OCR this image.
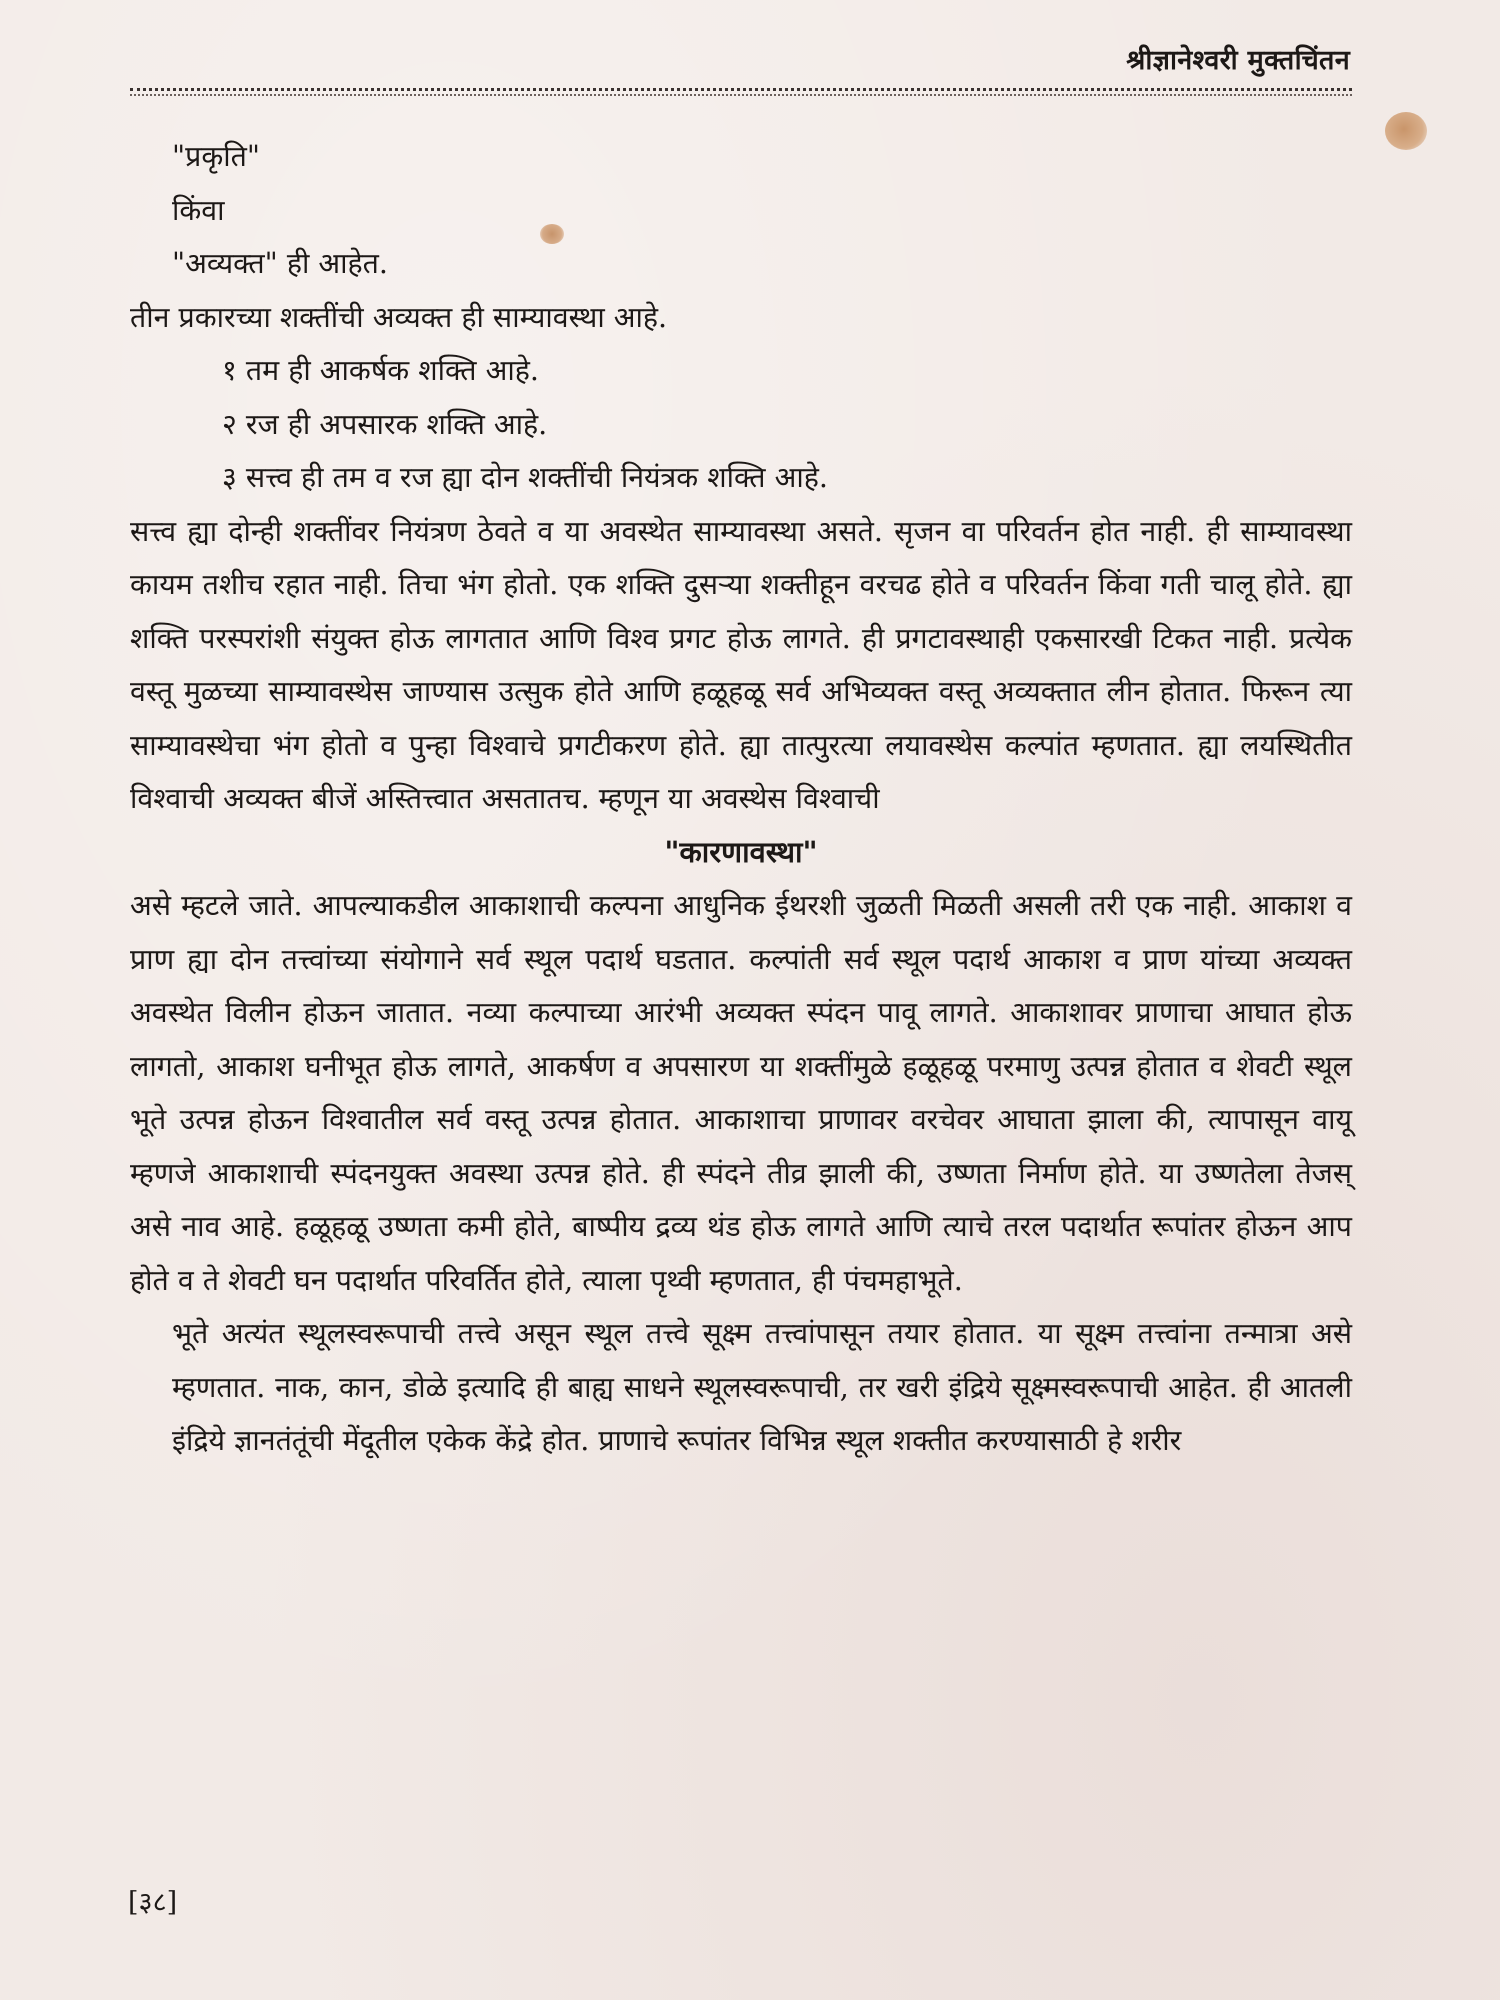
श्रीज्ञानेश्वरी मुक्तचिंतन

"प्रकृति"

किंवा

"अव्यक्त" ही आहेत.

तीन प्रकारच्या शक्तींची अव्यक्त ही साम्यावस्था आहे.

१ तम ही आकर्षक शक्ति आहे.

२ रज ही अपसारक शक्ति आहे.

३ सत्त्व ही तम व रज ह्या दोन शक्तींची नियंत्रक शक्ति आहे.

सत्त्व ह्या दोन्ही शक्तींवर नियंत्रण ठेवते व या अवस्थेत साम्यावस्था असते. सृजन वा परिवर्तन होत नाही. ही साम्यावस्था कायम तशीच रहात नाही. तिचा भंग होतो. एक शक्ति दुसऱ्या शक्तीहून वरचढ होते व परिवर्तन किंवा गती चालू होते. ह्या शक्ति परस्परांशी संयुक्त होऊ लागतात आणि विश्व प्रगट होऊ लागते. ही प्रगटावस्थाही एकसारखी टिकत नाही. प्रत्येक वस्तू मुळच्या साम्यावस्थेस जाण्यास उत्सुक होते आणि हळूहळू सर्व अभिव्यक्त वस्तू अव्यक्तात लीन होतात. फिरून त्या साम्यावस्थेचा भंग होतो व पुन्हा विश्वाचे प्रगटीकरण होते. ह्या तात्पुरत्या लयावस्थेस कल्पांत म्हणतात. ह्या लयस्थितीत विश्वाची अव्यक्त बीजें अस्तित्त्वात असतातच. म्हणून या अवस्थेस विश्वाची

"कारणावस्था"

असे म्हटले जाते. आपल्याकडील आकाशाची कल्पना आधुनिक ईथरशी जुळती मिळती असली तरी एक नाही. आकाश व प्राण ह्या दोन तत्त्वांच्या संयोगाने सर्व स्थूल पदार्थ घडतात. कल्पांती सर्व स्थूल पदार्थ आकाश व प्राण यांच्या अव्यक्त अवस्थेत विलीन होऊन जातात. नव्या कल्पाच्या आरंभी अव्यक्त स्पंदन पावू लागते. आकाशावर प्राणाचा आघात होऊ लागतो, आकाश घनीभूत होऊ लागते, आकर्षण व अपसारण या शक्तींमुळे हळूहळू परमाणु उत्पन्न होतात व शेवटी स्थूल भूते उत्पन्न होऊन विश्वातील सर्व वस्तू उत्पन्न होतात. आकाशाचा प्राणावर वरचेवर आघाता झाला की, त्यापासून वायू म्हणजे आकाशाची स्पंदनयुक्त अवस्था उत्पन्न होते. ही स्पंदने तीव्र झाली की, उष्णता निर्माण होते. या उष्णतेला तेजस् असे नाव आहे. हळूहळू उष्णता कमी होते, बाष्पीय द्रव्य थंड होऊ लागते आणि त्याचे तरल पदार्थात रूपांतर होऊन आप होते व ते शेवटी घन पदार्थात परिवर्तित होते, त्याला पृथ्वी म्हणतात, ही पंचमहाभूते.

भूते अत्यंत स्थूलस्वरूपाची तत्त्वे असून स्थूल तत्त्वे सूक्ष्म तत्त्वांपासून तयार होतात. या सूक्ष्म तत्त्वांना तन्मात्रा असे म्हणतात. नाक, कान, डोळे इत्यादि ही बाह्य साधने स्थूलस्वरूपाची, तर खरी इंद्रिये सूक्ष्मस्वरूपाची आहेत. ही आतली इंद्रिये ज्ञानतंतूंची मेंदूतील एकेक केंद्रे होत. प्राणाचे रूपांतर विभिन्न स्थूल शक्तीत करण्यासाठी हे शरीर

[३८]
